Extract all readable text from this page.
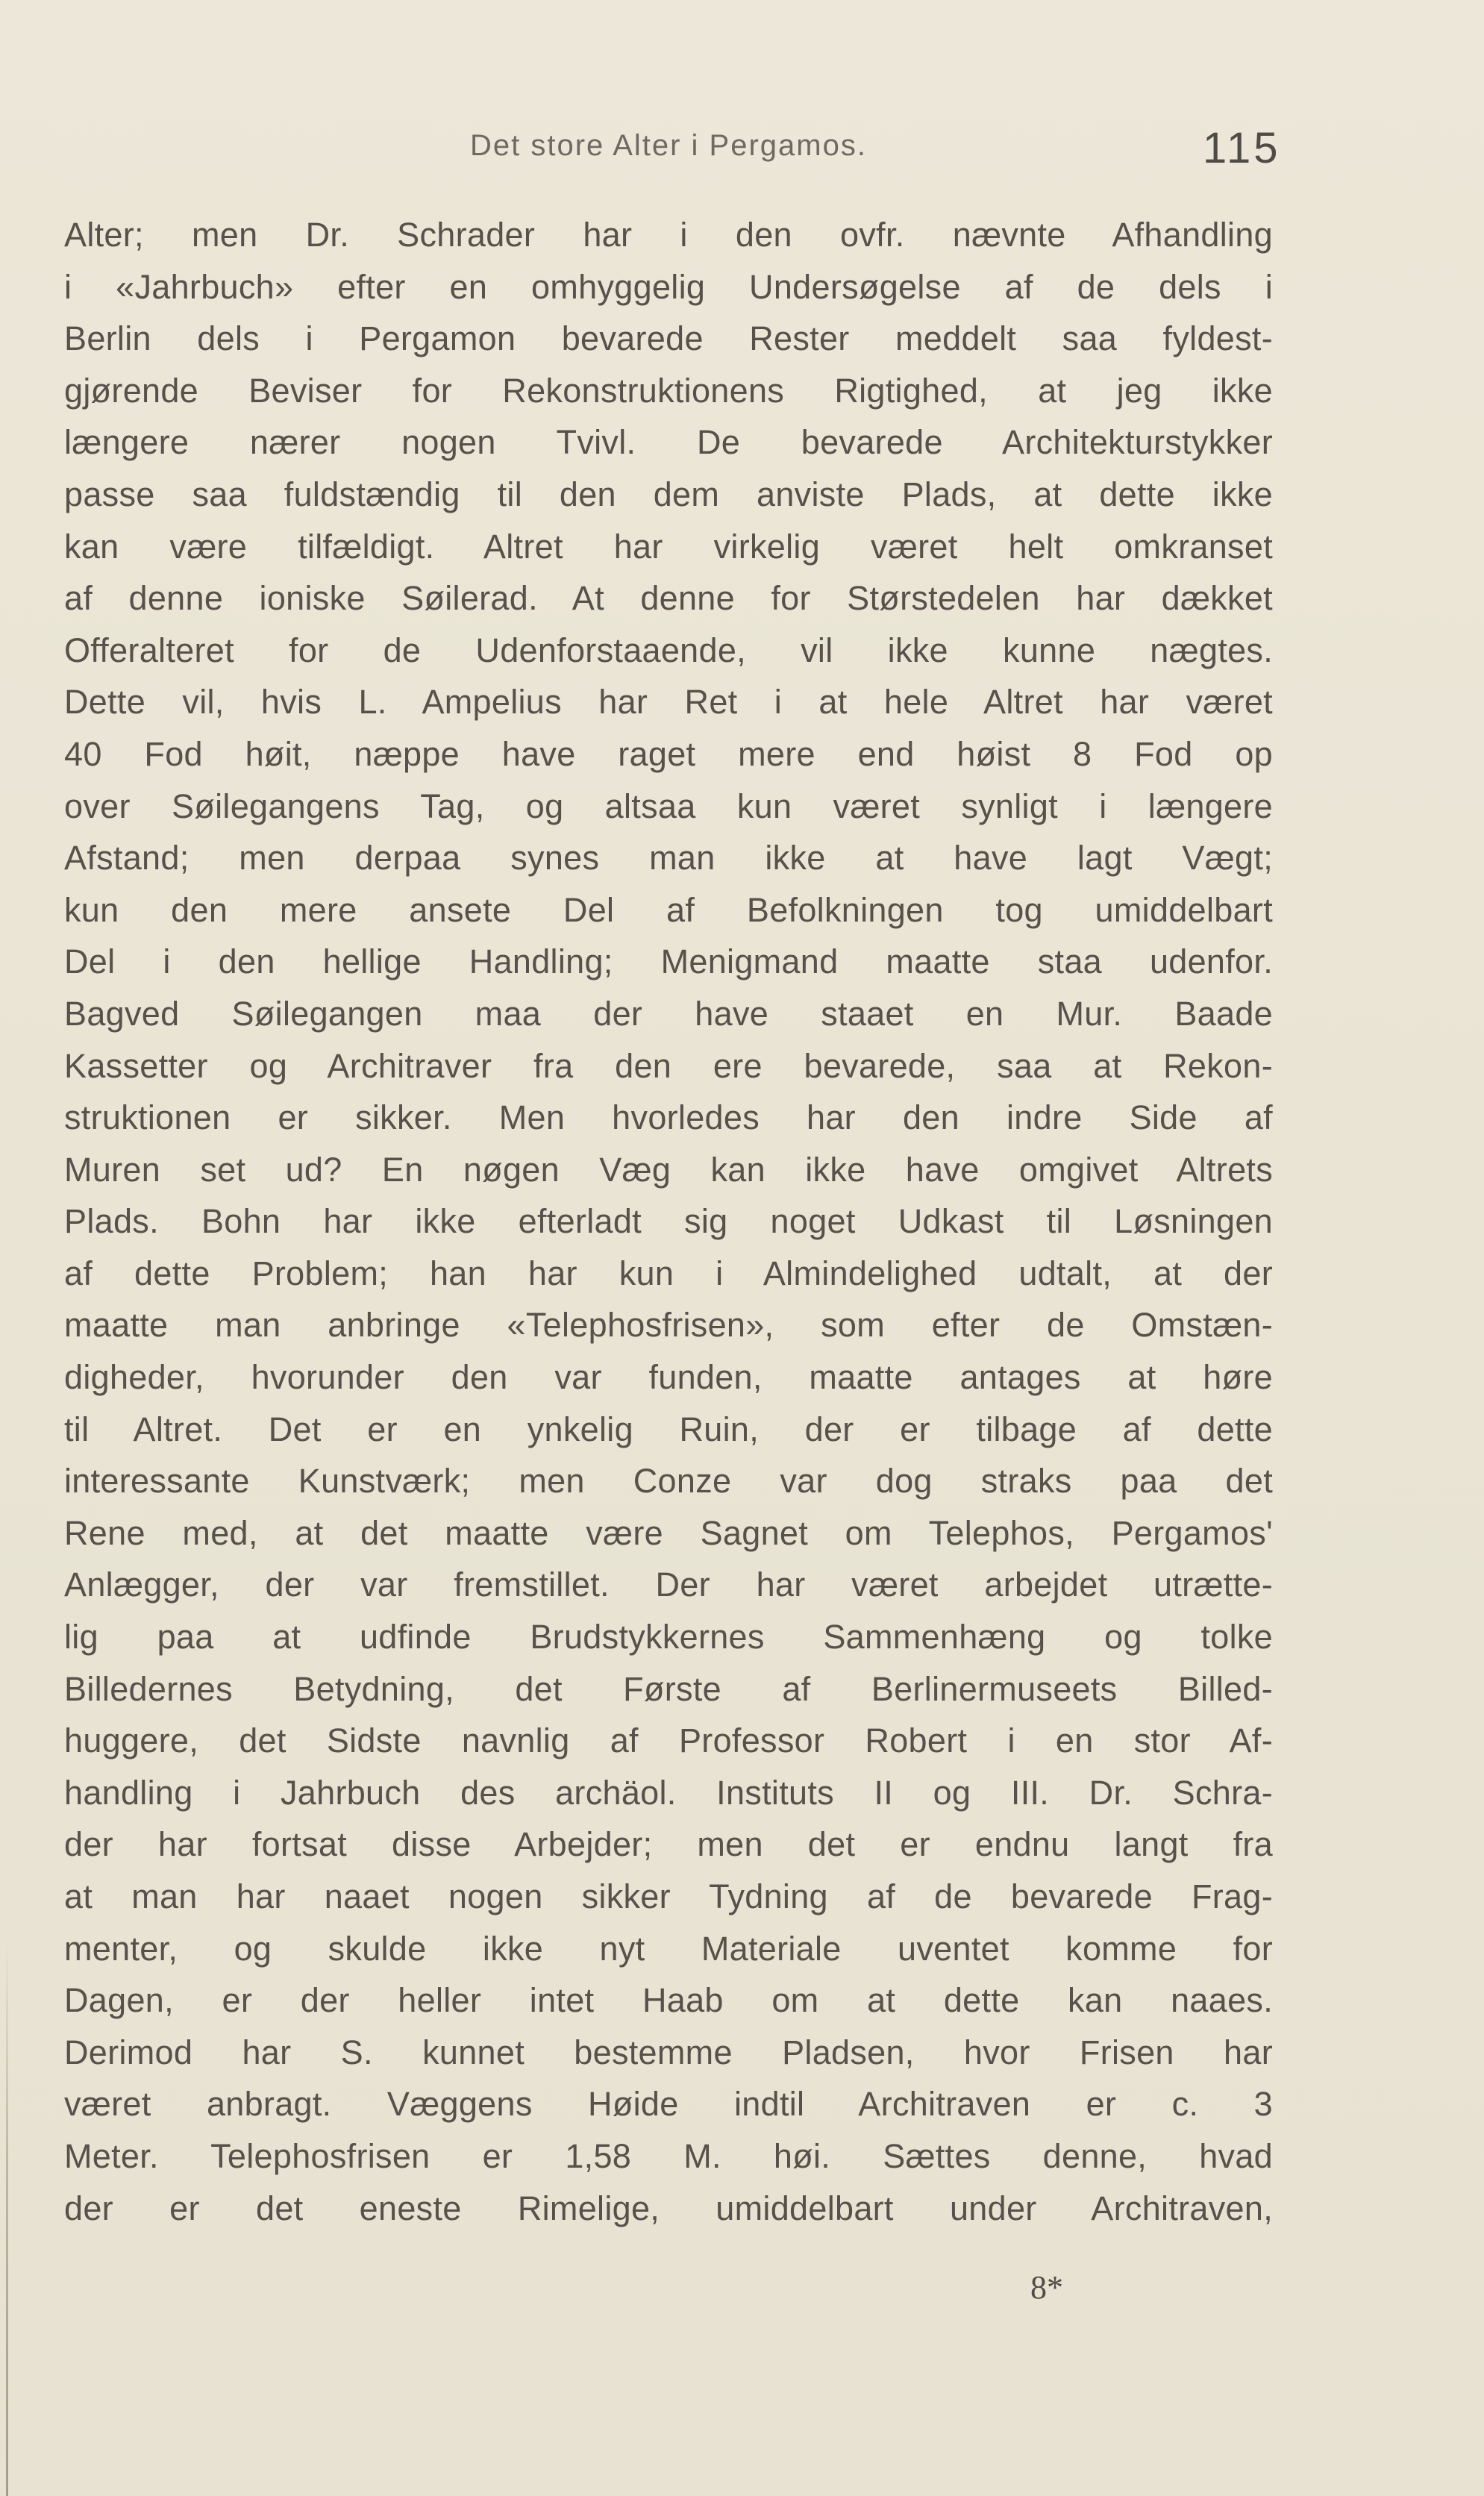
Det store Alter i Pergamos.	115
Alter; men Dr. Schrader har i den ovfr. nævnte Afhandling
i «Jahrbuch» efter en omhyggelig Undersøgelse af de dels i
Berlin dels i Pergamon bevarede Rester meddelt saa fyldest-
gjørende Beviser for Rekonstruktionens Rigtighed, at jeg ikke
længere nærer nogen Tvivl. De bevarede Architekturstykker
passe saa fuldstændig til den dem anviste Plads, at dette ikke
kan være tilfældigt. Altret har virkelig været helt omkranset
af denne ioniske Søilerad. At denne for Størstedelen har dækket
Offeralteret for de Udenforstaaende, vil ikke kunne nægtes.
Dette vil, hvis L. Ampelius har Ret i at hele Altret har været
40 Fod høit, næppe have raget mere end høist 8 Fod op
over Søilegangens Tag, og altsaa kun været synligt i længere
Afstand; men derpaa synes man ikke at have lagt Vægt;
kun den mere ansete Del af Befolkningen tog umiddelbart
Del i den hellige Handling; Menigmand maatte staa udenfor.
Bagved Søilegangen maa der have staaet en Mur. Baade
Kassetter og Architraver fra den ere bevarede, saa at Rekon-
struktionen er sikker. Men hvorledes har den indre Side af
Muren set ud? En nøgen Væg kan ikke have omgivet Altrets
Plads. Bohn har ikke efterladt sig noget Udkast til Løsningen
af dette Problem; han har kun i Almindelighed udtalt, at der
maatte man anbringe «Telephosfrisen», som efter de Omstæn-
digheder, hvorunder den var funden, maatte antages at høre
til Altret. Det er en ynkelig Ruin, der er tilbage af dette
interessante Kunstværk; men Conze var dog straks paa det
Rene med, at det maatte være Sagnet om Telephos, Pergamos'
Anlægger, der var fremstillet. Der har været arbejdet utrætte-
lig paa at udfinde Brudstykkernes Sammenhæng og tolke
Billedernes Betydning, det Første af Berlinermuseets Billed-
huggere, det Sidste navnlig af Professor Robert i en stor Af-
handling i Jahrbuch des archäol. Instituts II og III. Dr. Schra-
der har fortsat disse Arbejder; men det er endnu langt fra
at man har naaet nogen sikker Tydning af de bevarede Frag-
menter, og skulde ikke nyt Materiale uventet komme for
Dagen, er der heller intet Haab om at dette kan naaes.
Derimod har S. kunnet bestemme Pladsen, hvor Frisen har
været anbragt. Væggens Høide indtil Architraven er c. 3
Meter. Telephosfrisen er 1,58 M. høi. Sættes denne, hvad
der er det eneste Rimelige, umiddelbart under Architraven,
8*
